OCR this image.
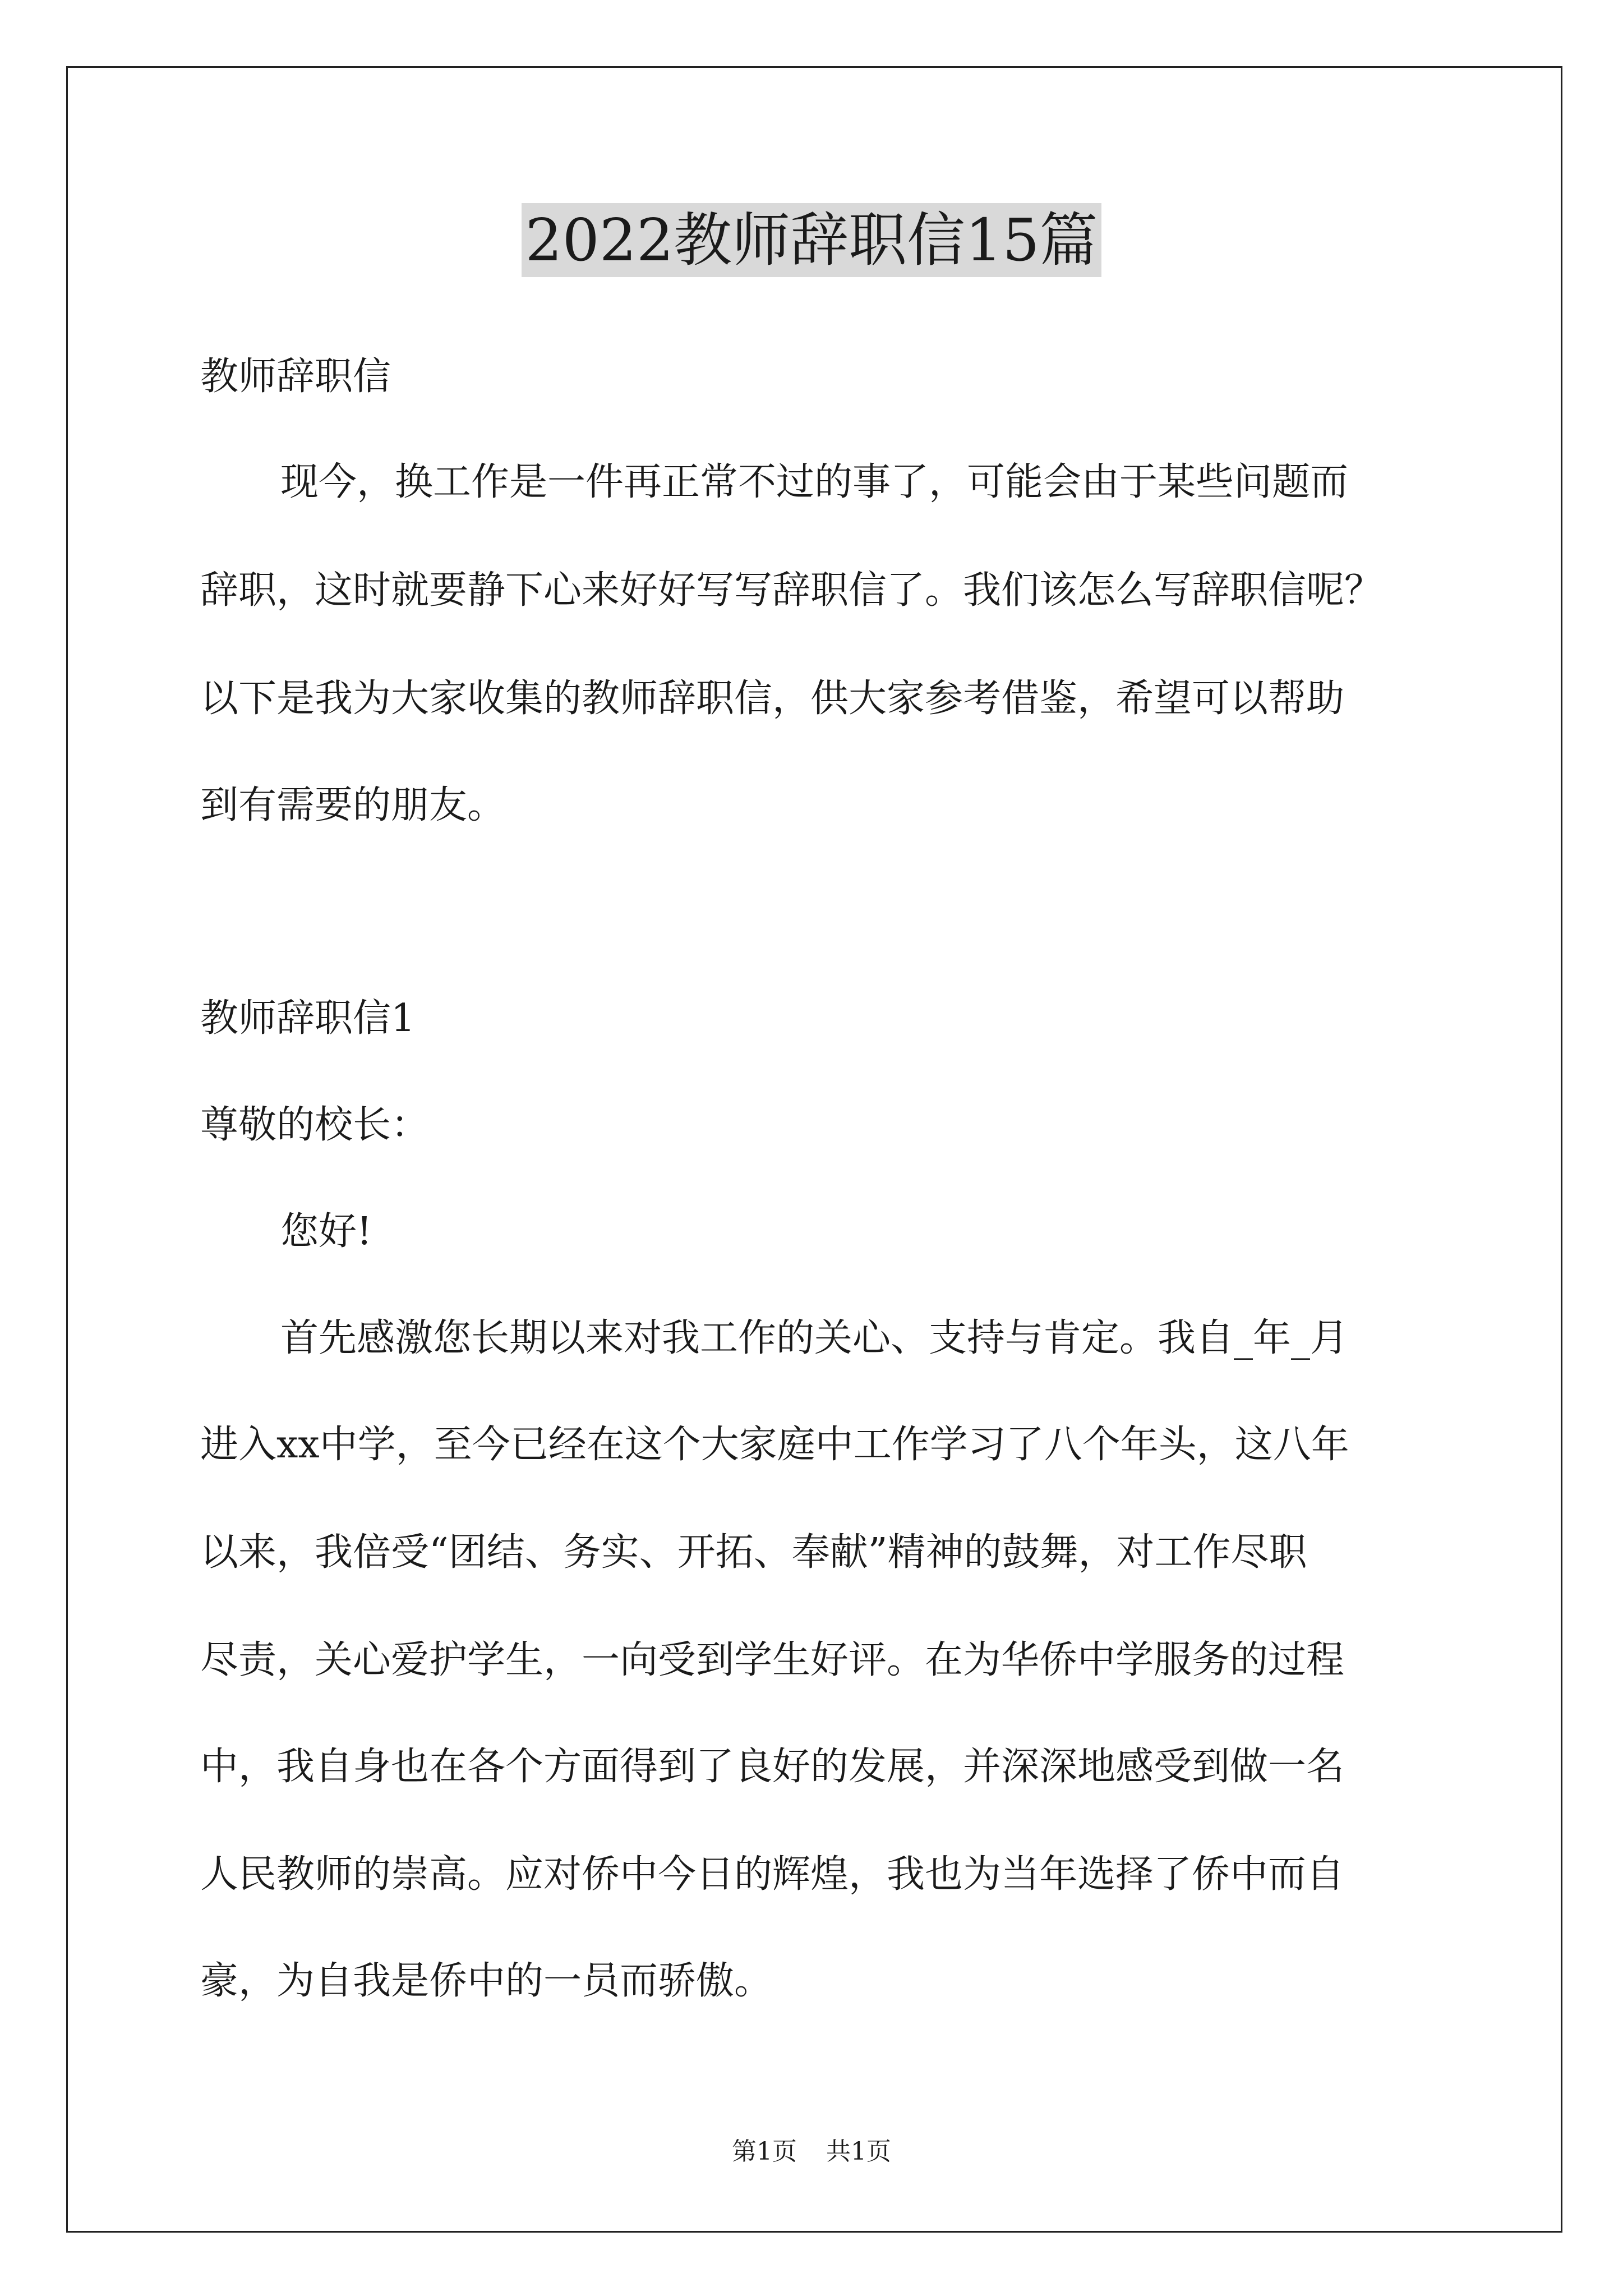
2022教师辞职信15篇
教师辞职信
现今，换工作是一件再正常不过的事了，可能会由于某些问题而
辞职，这时就要静下心来好好写写辞职信了。我们该怎么写辞职信呢？
以下是我为大家收集的教师辞职信，供大家参考借鉴，希望可以帮助
到有需要的朋友。
教师辞职信1
尊敬的校长：
您好!
首先感激您长期以来对我工作的关心、支持与肯定。我自_年_月
进入xx中学，至今已经在这个大家庭中工作学习了八个年头，这八年
以来，我倍受“团结、务实、开拓、奉献”精神的鼓舞，对工作尽职
尽责，关心爱护学生，一向受到学生好评。在为华侨中学服务的过程
中，我自身也在各个方面得到了良好的发展，并深深地感受到做一名
人民教师的崇高。应对侨中今日的辉煌，我也为当年选择了侨中而自
豪，为自我是侨中的一员而骄傲。
第1页 共1页
